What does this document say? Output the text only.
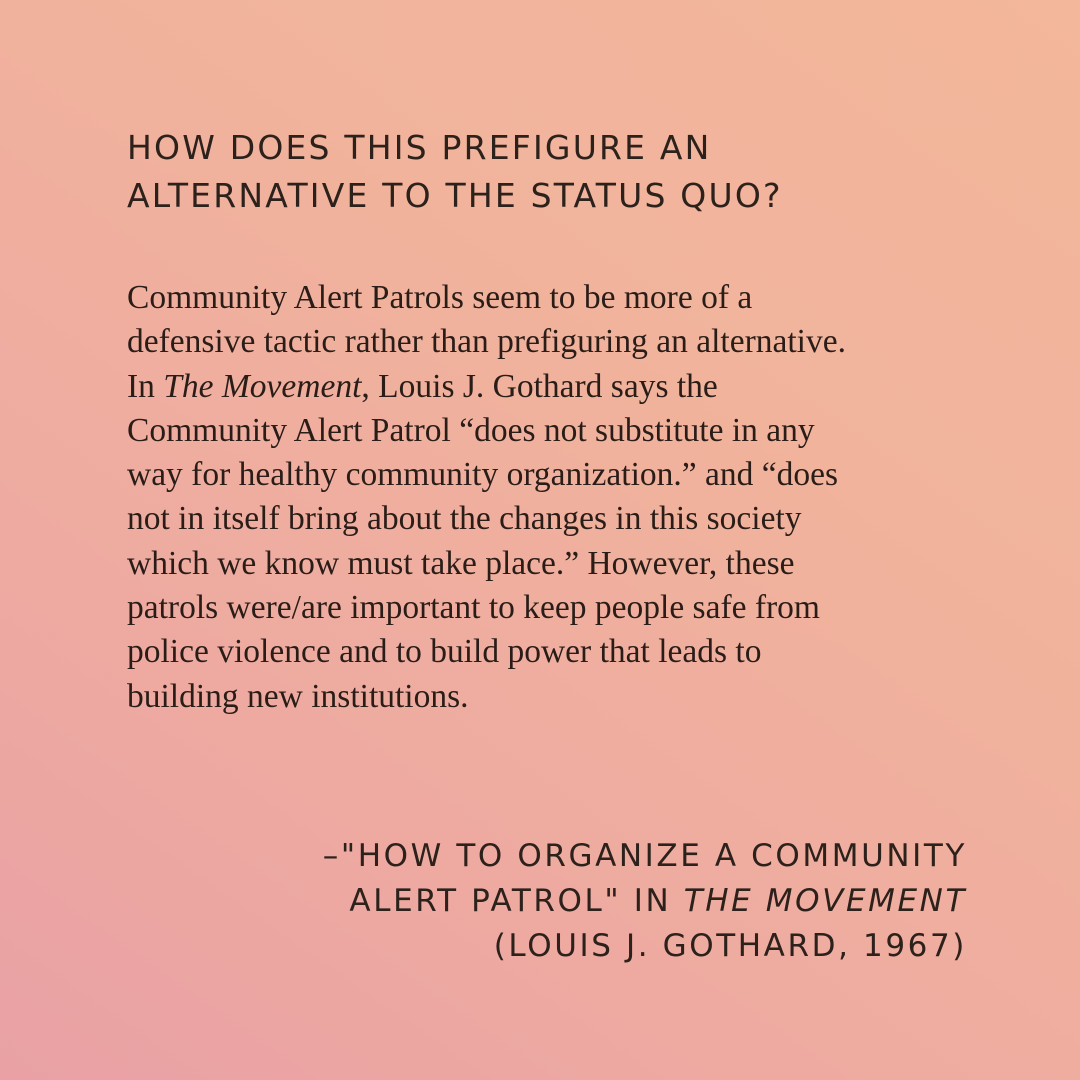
HOW DOES THIS PREFIGURE AN
ALTERNATIVE TO THE STATUS QUO?
Community Alert Patrols seem to be more of a
defensive tactic rather than prefiguring an alternative.
In The Movement, Louis J. Gothard says the
Community Alert Patrol “does not substitute in any
way for healthy community organization.” and “does
not in itself bring about the changes in this society
which we know must take place.” However, these
patrols were/are important to keep people safe from
police violence and to build power that leads to
building new institutions.
–"HOW TO ORGANIZE A COMMUNITY
ALERT PATROL" IN THE MOVEMENT
(LOUIS J. GOTHARD, 1967)
